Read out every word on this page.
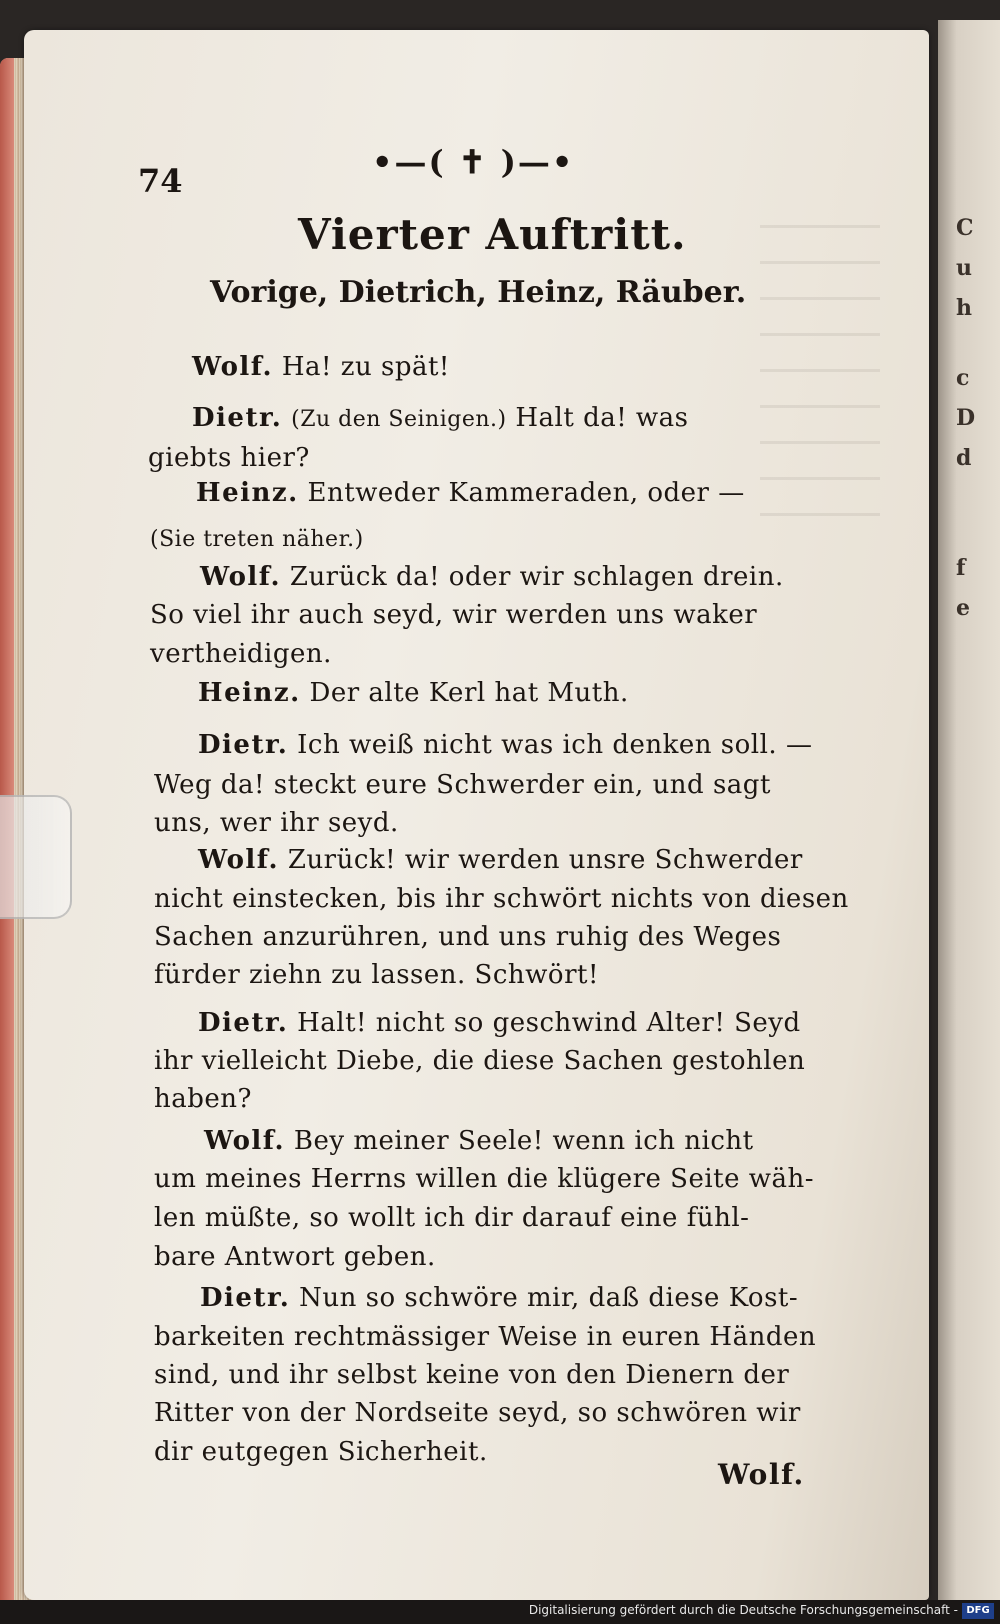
C
u
h
c
D
d
f
e
74	•—( ✝ )—•
Vierter Auftritt.
Vorige, Dietrich, Heinz, Räuber.
Wolf. Ha! zu spät!
Dietr. (Zu den Seinigen.) Halt da! was
giebts hier?
Heinz. Entweder Kammeraden, oder —
(Sie treten näher.)
Wolf. Zurück da! oder wir schlagen drein.
So viel ihr auch seyd, wir werden uns waker
vertheidigen.
Heinz. Der alte Kerl hat Muth.
Dietr. Ich weiß nicht was ich denken soll. —
Weg da! steckt eure Schwerder ein, und sagt
uns, wer ihr seyd.
Wolf. Zurück! wir werden unsre Schwerder
nicht einstecken, bis ihr schwört nichts von diesen
Sachen anzurühren, und uns ruhig des Weges
fürder ziehn zu lassen. Schwört!
Dietr. Halt! nicht so geschwind Alter! Seyd
ihr vielleicht Diebe, die diese Sachen gestohlen
haben?
Wolf. Bey meiner Seele! wenn ich nicht
um meines Herrns willen die klügere Seite wäh-
len müßte, so wollt ich dir darauf eine fühl-
bare Antwort geben.
Dietr. Nun so schwöre mir, daß diese Kost-
barkeiten rechtmässiger Weise in euren Händen
sind, und ihr selbst keine von den Dienern der
Ritter von der Nordseite seyd, so schwören wir
dir eutgegen Sicherheit.
Wolf.
Digitalisierung gefördert durch die Deutsche Forschungsgemeinschaft - DFG
